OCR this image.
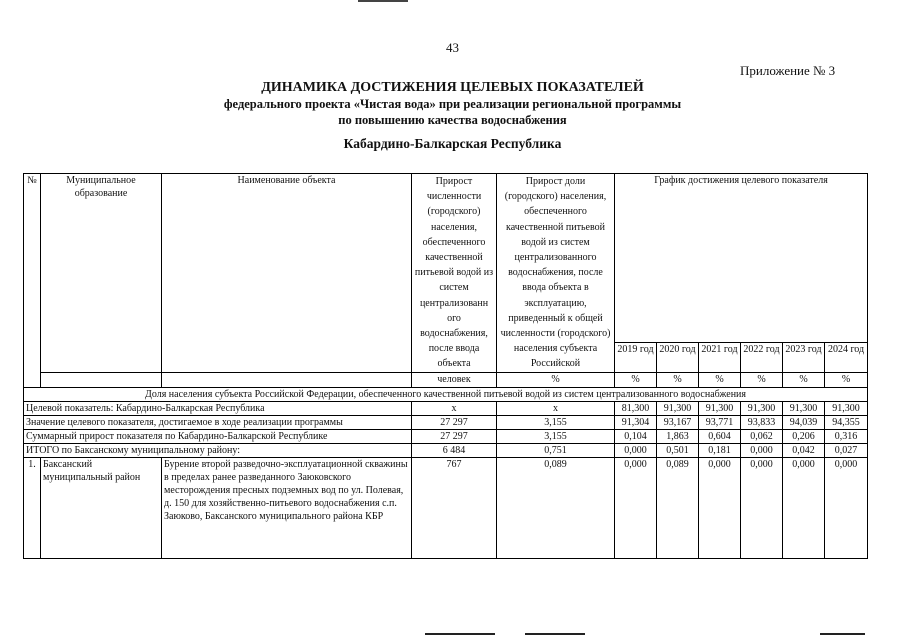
43
Приложение № 3
ДИНАМИКА ДОСТИЖЕНИЯ ЦЕЛЕВЫХ ПОКАЗАТЕЛЕЙ
федерального проекта «Чистая вода» при реализации региональной программы
по повышению качества водоснабжения
Кабардино-Балкарская Республика
№	Муниципальное образование	Наименование объекта	Прирост численности (городского) населения, обеспеченного качественной питьевой водой из систем централизованн ого водоснабжения, после ввода объекта	Прирост доли (городского) населения, обеспеченного качественной питьевой водой из систем централизованного водоснабжения, после ввода объекта в эксплуатацию, приведенный к общей численности (городского) населения субъекта Российской	График достижения целевого показателя					
					2019 год	2020 год	2021 год	2022 год	2023 год	2024 год
			человек	%	%	%	%	%	%	%
Доля населения субъекта Российской Федерации, обеспеченного качественной питьевой водой из систем централизованного водоснабжения										
Целевой показатель: Кабардино-Балкарская Республика			х	х	81,300	91,300	91,300	91,300	91,300	91,300
Значение целевого показателя, достигаемое в ходе реализации программы			27 297	3,155	91,304	93,167	93,771	93,833	94,039	94,355
Суммарный прирост показателя по Кабардино-Балкарской Республике			27 297	3,155	0,104	1,863	0,604	0,062	0,206	0,316
ИТОГО по Баксанскому муниципальному району:			6 484	0,751	0,000	0,501	0,181	0,000	0,042	0,027
1.	Баксанский муниципальный район	Бурение второй разведочно-эксплуатационной скважины в пределах ранее разведанного Заюковского месторождения пресных подземных вод по ул. Полевая, д. 150 для хозяйственно-питьевого водоснабжения с.п. Заюково, Баксанского муниципального района КБР	767	0,089	0,000	0,089	0,000	0,000	0,000	0,000
